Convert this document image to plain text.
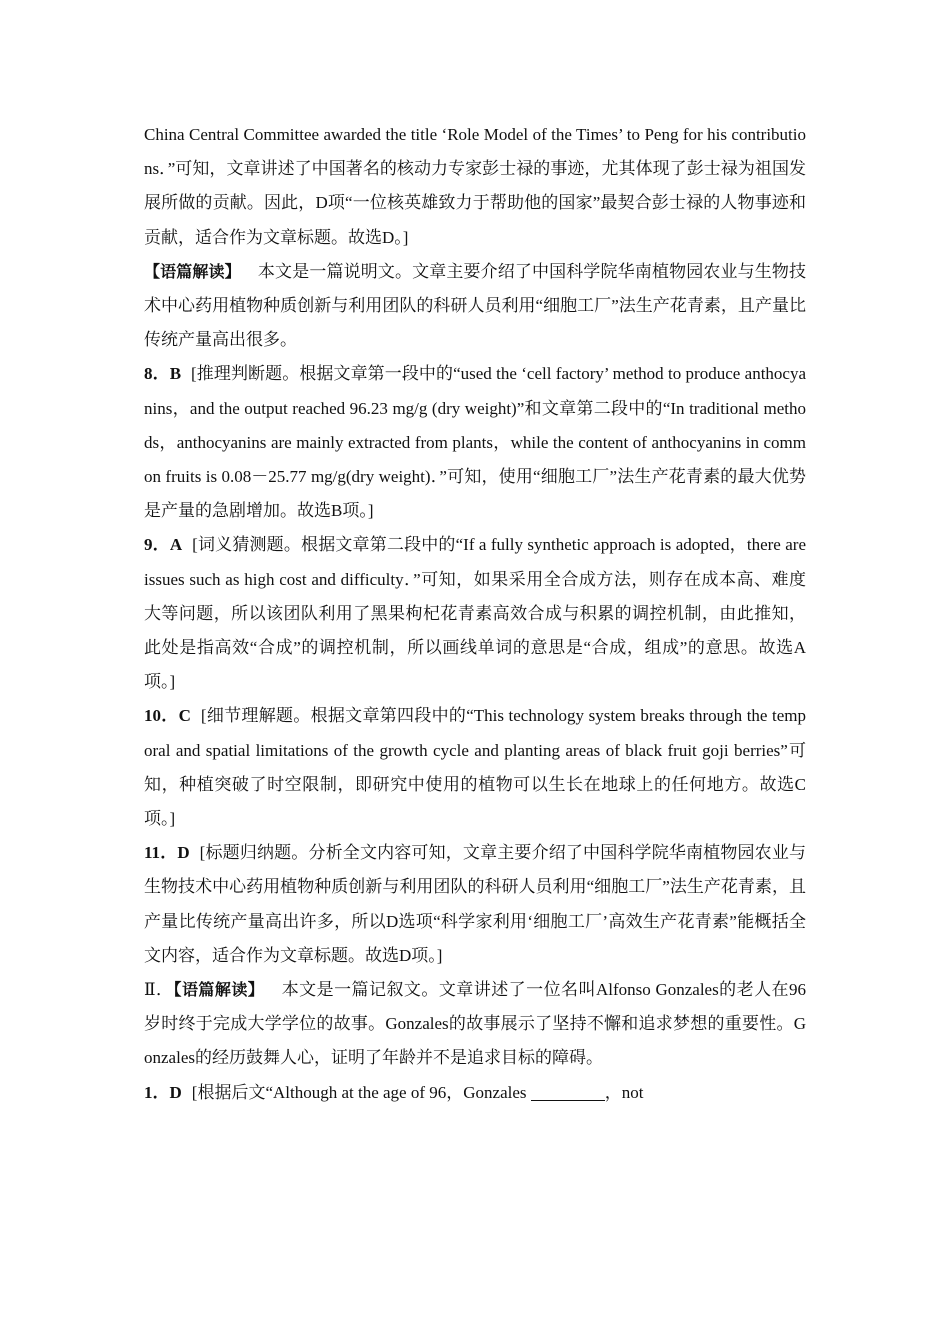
China Central Committee awarded the title ‘Role Model of the Times’ to Peng for his contributions．”可知，文章讲述了中国著名的核动力专家彭士禄的事迹，尤其体现了彭士禄为祖国发展所做的贡献。因此，D项“一位核英雄致力于帮助他的国家”最契合彭士禄的人物事迹和贡献，适合作为文章标题。故选D。]

【语篇解读】  本文是一篇说明文。文章主要介绍了中国科学院华南植物园农业与生物技术中心药用植物种质创新与利用团队的科研人员利用“细胞工厂”法生产花青素，且产量比传统产量高出很多。

8．B [推理判断题。根据文章第一段中的“used the ‘cell factory’ method to produce anthocyanins，and the output reached 96.23 mg/g (dry weight)”和文章第二段中的“In traditional methods，anthocyanins are mainly extracted from plants，while the content of anthocyanins in common fruits is 0.08－25.77 mg/g(dry weight)．”可知，使用“细胞工厂”法生产花青素的最大优势是产量的急剧增加。故选B项。]

9．A [词义猜测题。根据文章第二段中的“If a fully synthetic approach is adopted，there are issues such as high cost and difficulty．”可知，如果采用全合成方法，则存在成本高、难度大等问题，所以该团队利用了黑果枸杞花青素高效合成与积累的调控机制，由此推知，此处是指高效“合成”的调控机制，所以画线单词的意思是“合成，组成”的意思。故选A项。]

10．C [细节理解题。根据文章第四段中的“This technology system breaks through the temporal and spatial limitations of the growth cycle and planting areas of black fruit goji berries”可知，种植突破了时空限制，即研究中使用的植物可以生长在地球上的任何地方。故选C项。]

11．D [标题归纳题。分析全文内容可知，文章主要介绍了中国科学院华南植物园农业与生物技术中心药用植物种质创新与利用团队的科研人员利用“细胞工厂”法生产花青素，且产量比传统产量高出许多，所以D选项“科学家利用‘细胞工厂’高效生产花青素”能概括全文内容，适合作为文章标题。故选D项。]

Ⅱ．【语篇解读】  本文是一篇记叙文。文章讲述了一位名叫Alfonso Gonzales的老人在96岁时终于完成大学学位的故事。Gonzales的故事展示了坚持不懈和追求梦想的重要性。Gonzales的经历鼓舞人心，证明了年龄并不是追求目标的障碍。

1．D [根据后文“Although at the age of 96，Gonzales	，not
